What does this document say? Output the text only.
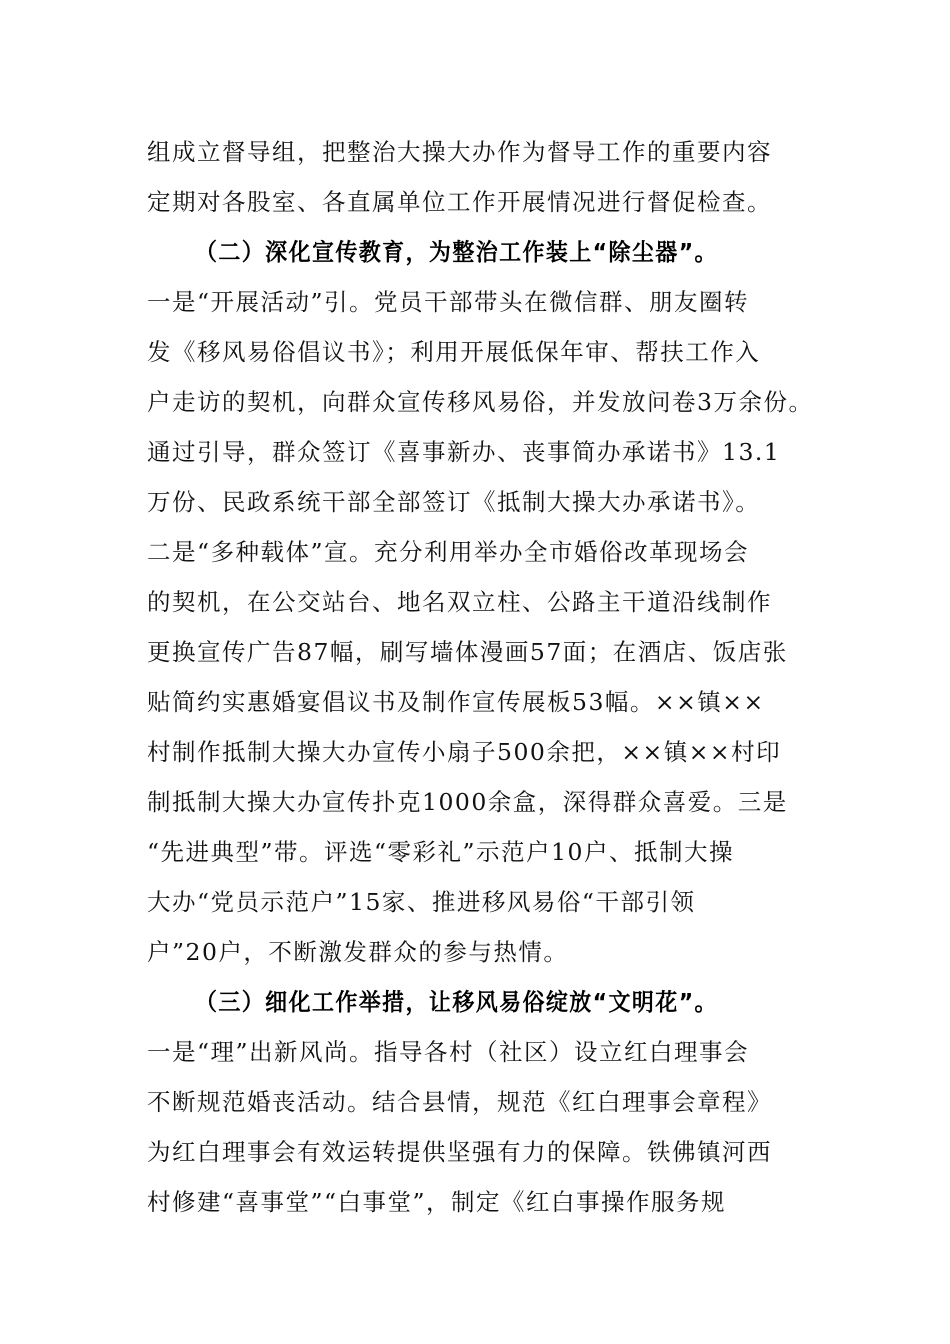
组成立督导组，把整治大操大办作为督导工作的重要内容
定期对各股室、各直属单位工作开展情况进行督促检查。
（二）深化宣传教育，为整治工作装上“除尘器”。
一是“开展活动”引。党员干部带头在微信群、朋友圈转
发《移风易俗倡议书》；利用开展低保年审、帮扶工作入
户走访的契机，向群众宣传移风易俗，并发放问卷3万余份。
通过引导，群众签订《喜事新办、丧事简办承诺书》13.1
万份、民政系统干部全部签订《抵制大操大办承诺书》。
二是“多种载体”宣。充分利用举办全市婚俗改革现场会
的契机，在公交站台、地名双立柱、公路主干道沿线制作
更换宣传广告87幅，刷写墙体漫画57面；在酒店、饭店张
贴简约实惠婚宴倡议书及制作宣传展板53幅。××镇××
村制作抵制大操大办宣传小扇子500余把，××镇××村印
制抵制大操大办宣传扑克1000余盒，深得群众喜爱。三是
“先进典型”带。评选“零彩礼”示范户10户、抵制大操
大办“党员示范户”15家、推进移风易俗“干部引领
户”20户，不断激发群众的参与热情。
（三）细化工作举措，让移风易俗绽放“文明花”。
一是“理”出新风尚。指导各村（社区）设立红白理事会
不断规范婚丧活动。结合县情，规范《红白理事会章程》
为红白理事会有效运转提供坚强有力的保障。铁佛镇河西
村修建“喜事堂”“白事堂”，制定《红白事操作服务规
